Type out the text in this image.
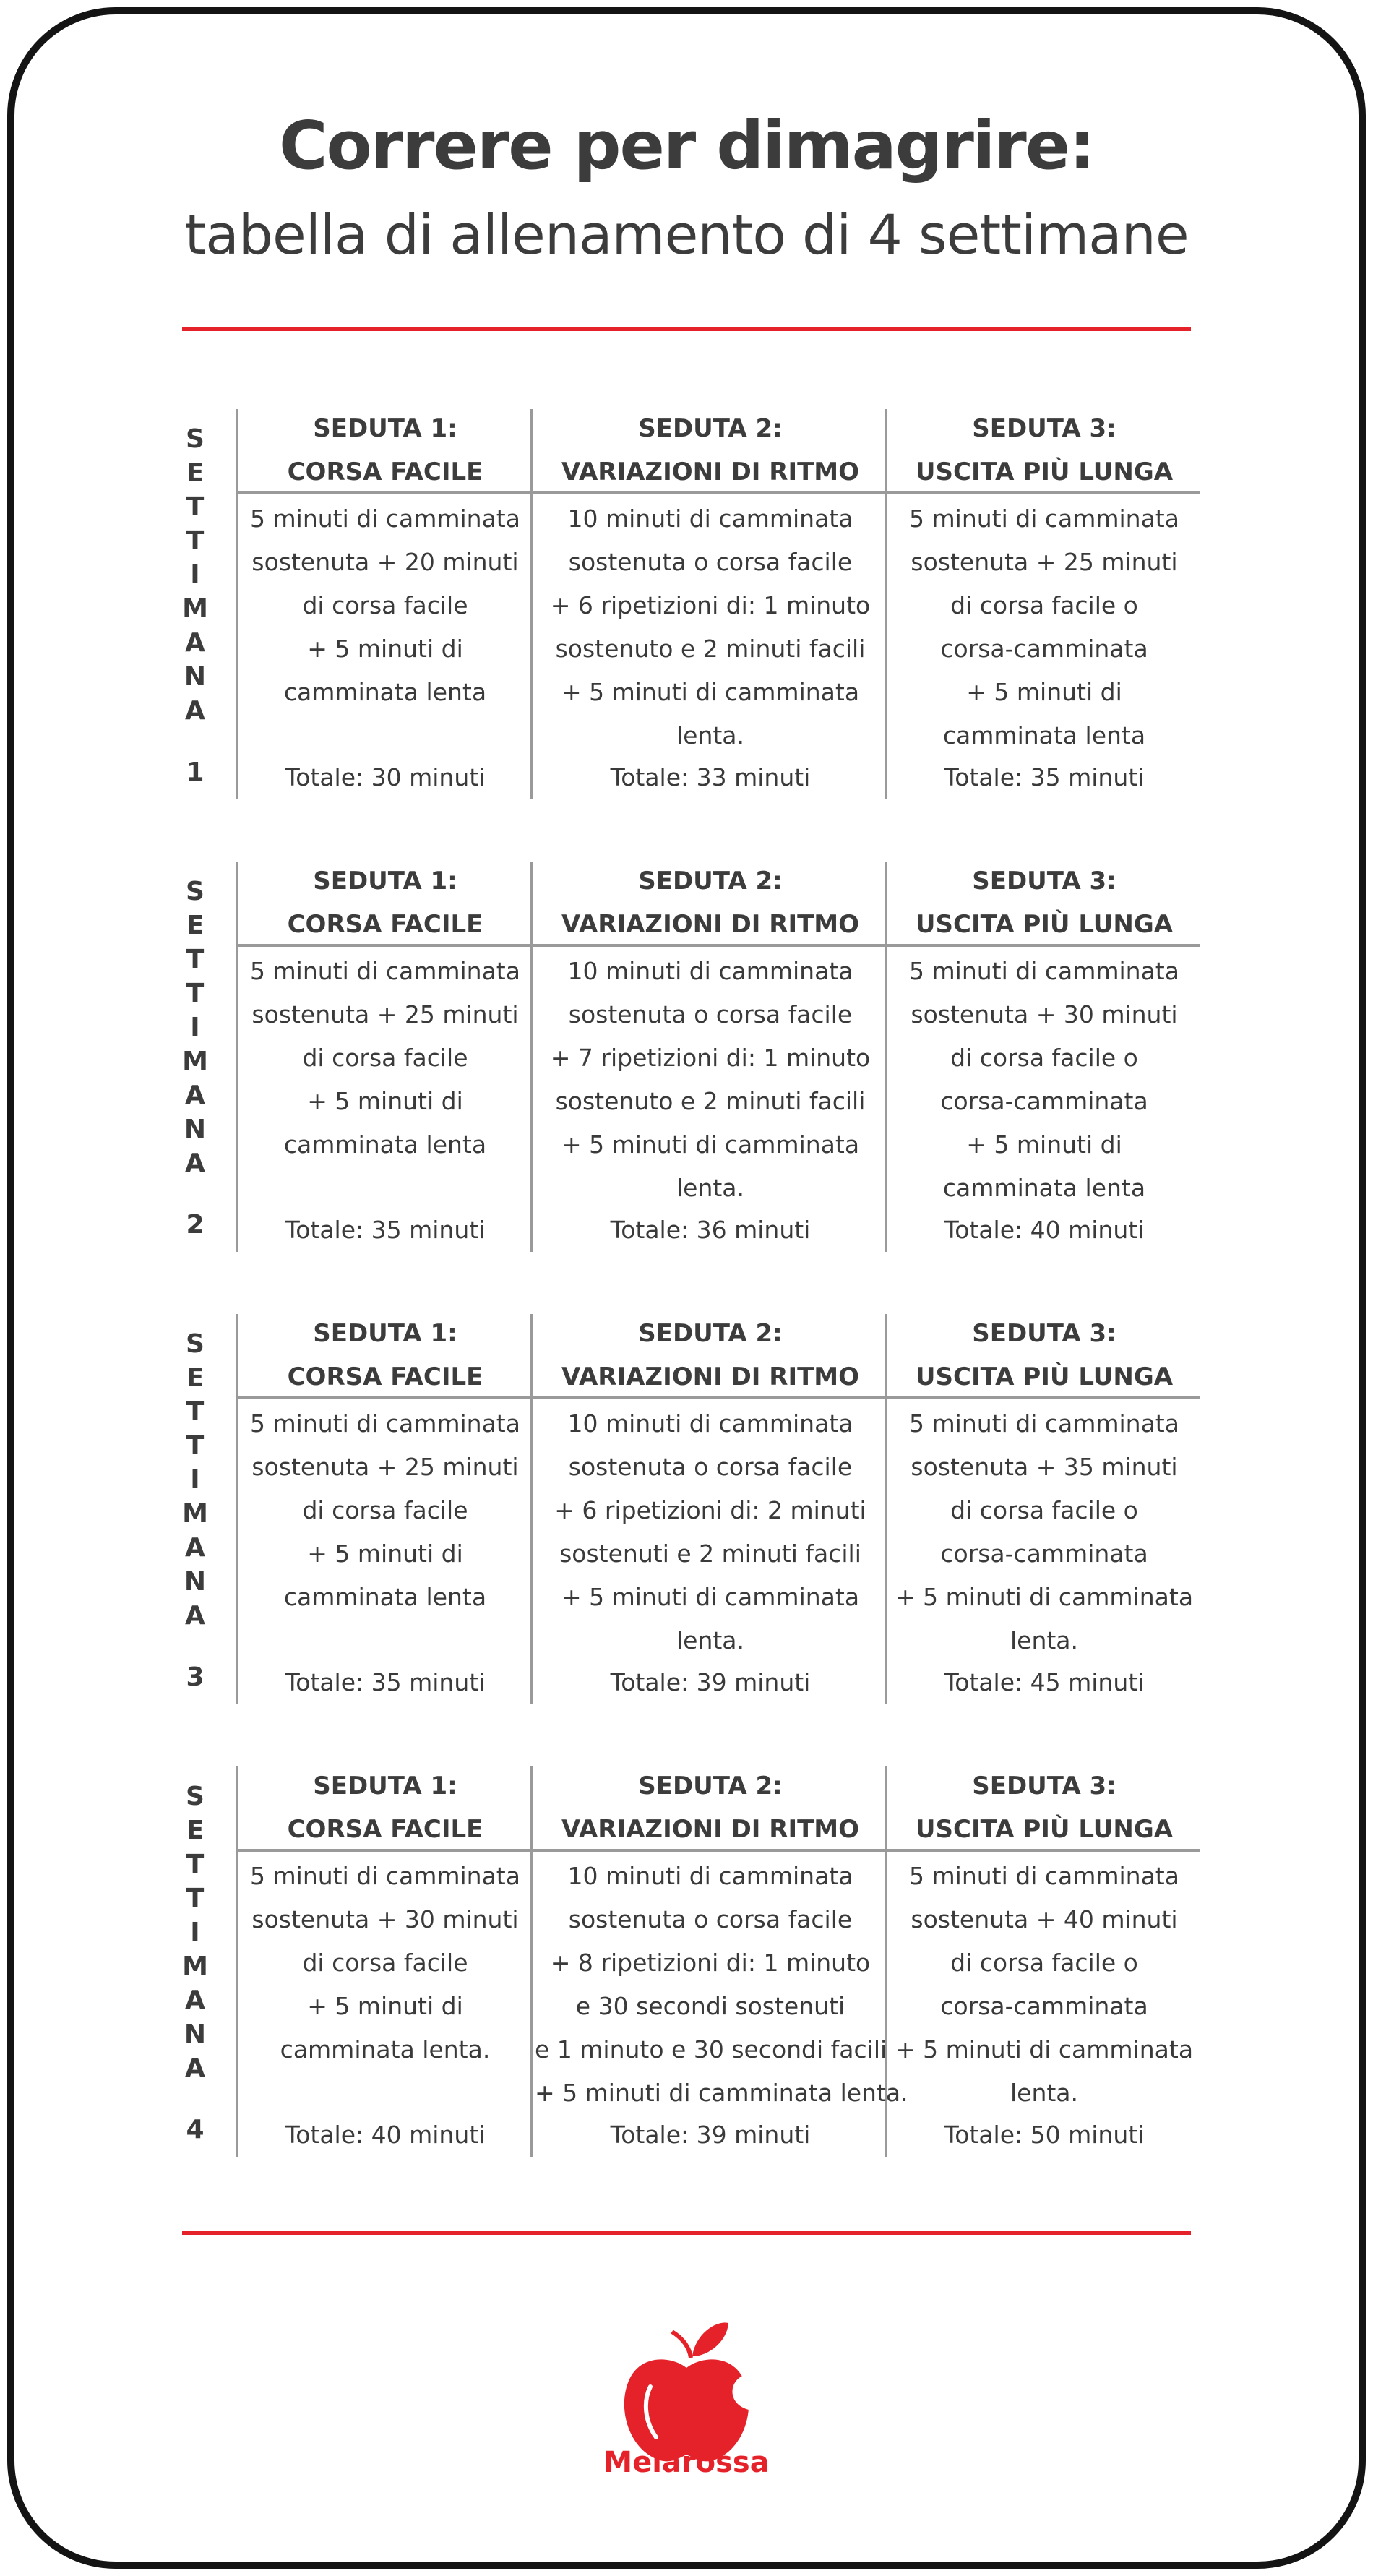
Correre per dimagrire:
tabella di allenamento di 4 settimane
S
E
T
T
I
M
A
N
A
1
SEDUTA 1:
CORSA FACILE
5 minuti di camminata
sostenuta + 20 minuti
di corsa facile
+ 5 minuti di
camminata lenta
Totale: 30 minuti
SEDUTA 2:
VARIAZIONI DI RITMO
10 minuti di camminata
sostenuta o corsa facile
+ 6 ripetizioni di: 1 minuto
sostenuto e 2 minuti facili
+ 5 minuti di camminata
lenta.
Totale: 33 minuti
SEDUTA 3:
USCITA PIÙ LUNGA
5 minuti di camminata
sostenuta + 25 minuti
di corsa facile o
corsa-camminata
+ 5 minuti di
camminata lenta
Totale: 35 minuti
S
E
T
T
I
M
A
N
A
2
SEDUTA 1:
CORSA FACILE
5 minuti di camminata
sostenuta + 25 minuti
di corsa facile
+ 5 minuti di
camminata lenta
Totale: 35 minuti
SEDUTA 2:
VARIAZIONI DI RITMO
10 minuti di camminata
sostenuta o corsa facile
+ 7 ripetizioni di: 1 minuto
sostenuto e 2 minuti facili
+ 5 minuti di camminata
lenta.
Totale: 36 minuti
SEDUTA 3:
USCITA PIÙ LUNGA
5 minuti di camminata
sostenuta + 30 minuti
di corsa facile o
corsa-camminata
+ 5 minuti di
camminata lenta
Totale: 40 minuti
S
E
T
T
I
M
A
N
A
3
SEDUTA 1:
CORSA FACILE
5 minuti di camminata
sostenuta + 25 minuti
di corsa facile
+ 5 minuti di
camminata lenta
Totale: 35 minuti
SEDUTA 2:
VARIAZIONI DI RITMO
10 minuti di camminata
sostenuta o corsa facile
+ 6 ripetizioni di: 2 minuti
sostenuti e 2 minuti facili
+ 5 minuti di camminata
lenta.
Totale: 39 minuti
SEDUTA 3:
USCITA PIÙ LUNGA
5 minuti di camminata
sostenuta + 35 minuti
di corsa facile o
corsa-camminata
+ 5 minuti di camminata
lenta.
Totale: 45 minuti
S
E
T
T
I
M
A
N
A
4
SEDUTA 1:
CORSA FACILE
5 minuti di camminata
sostenuta + 30 minuti
di corsa facile
+ 5 minuti di
camminata lenta.
Totale: 40 minuti
SEDUTA 2:
VARIAZIONI DI RITMO
10 minuti di camminata
sostenuta o corsa facile
+ 8 ripetizioni di: 1 minuto
e 30 secondi sostenuti
e 1 minuto e 30 secondi facili
+ 5 minuti di camminata lenta.
Totale: 39 minuti
SEDUTA 3:
USCITA PIÙ LUNGA
5 minuti di camminata
sostenuta + 40 minuti
di corsa facile o
corsa-camminata
+ 5 minuti di camminata
lenta.
Totale: 50 minuti
Melarossa
